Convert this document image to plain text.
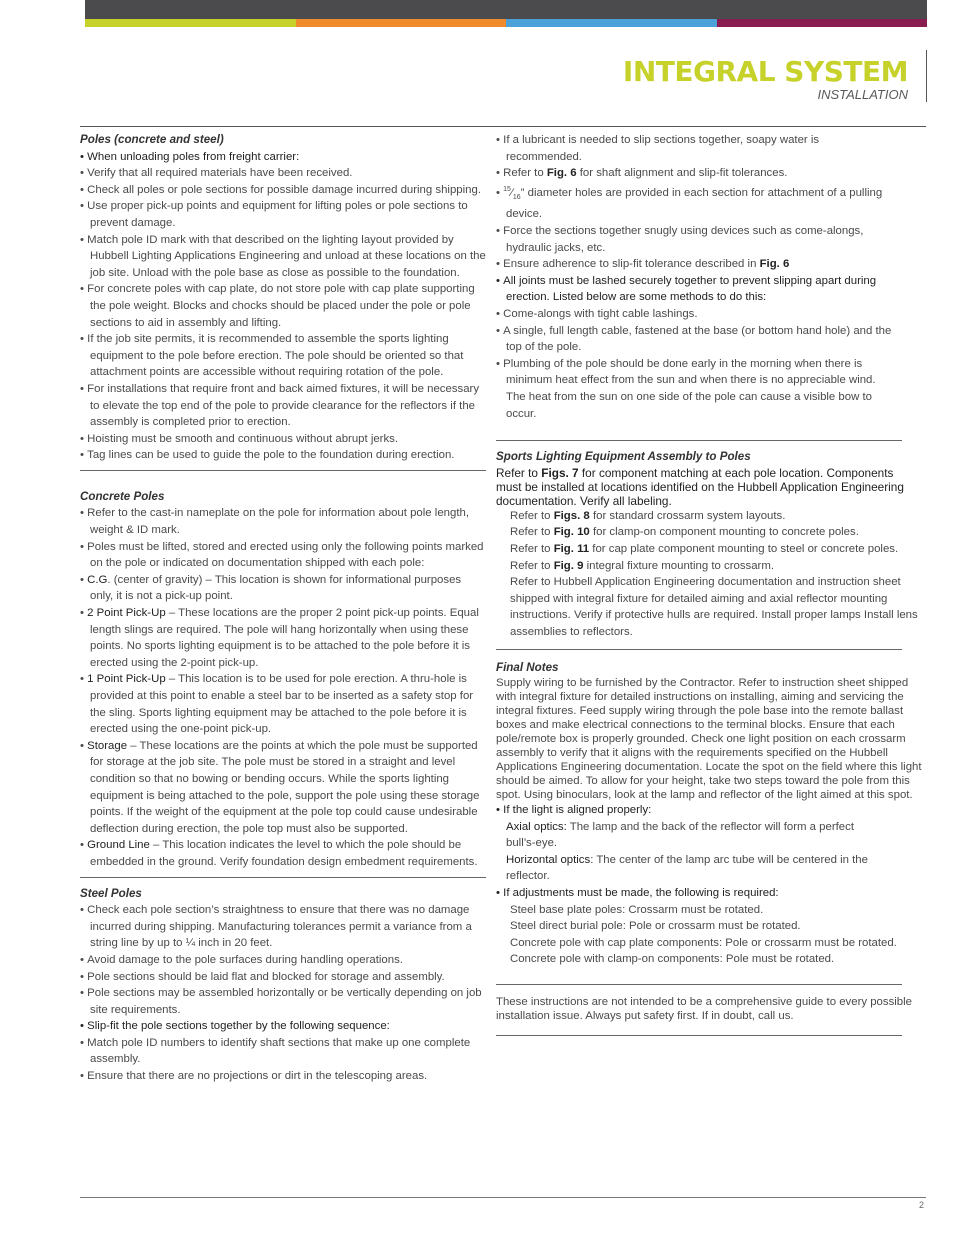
INTEGRAL SYSTEM
INSTALLATION
Poles (concrete and steel)
• When unloading poles from freight carrier:
• Verify that all required materials have been received.
• Check all poles or pole sections for possible damage incurred during shipping.
• Use proper pick-up points and equipment for lifting poles or pole sections to prevent damage.
• Match pole ID mark with that described on the lighting layout provided by Hubbell Lighting Applications Engineering and unload at these locations on the job site. Unload with the pole base as close as possible to the foundation.
• For concrete poles with cap plate, do not store pole with cap plate supporting the pole weight. Blocks and chocks should be placed under the pole or pole sections to aid in assembly and lifting.
• If the job site permits, it is recommended to assemble the sports lighting equipment to the pole before erection. The pole should be oriented so that attachment points are accessible without requiring rotation of the pole.
• For installations that require front and back aimed fixtures, it will be necessary to elevate the top end of the pole to provide clearance for the reflectors if the assembly is completed prior to erection.
• Hoisting must be smooth and continuous without abrupt jerks.
• Tag lines can be used to guide the pole to the foundation during erection.
Concrete Poles
• Refer to the cast-in nameplate on the pole for information about pole length, weight & ID mark.
• Poles must be lifted, stored and erected using only the following points marked on the pole or indicated on documentation shipped with each pole:
• C.G. (center of gravity) – This location is shown for informational purposes only, it is not a pick-up point.
• 2 Point Pick-Up – These locations are the proper 2 point pick-up points. Equal length slings are required. The pole will hang horizontally when using these points. No sports lighting equipment is to be attached to the pole before it is erected using the 2-point pick-up.
• 1 Point Pick-Up – This location is to be used for pole erection. A thru-hole is provided at this point to enable a steel bar to be inserted as a safety stop for the sling. Sports lighting equipment may be attached to the pole before it is erected using the one-point pick-up.
• Storage – These locations are the points at which the pole must be supported for storage at the job site. The pole must be stored in a straight and level condition so that no bowing or bending occurs. While the sports lighting equipment is being attached to the pole, support the pole using these storage points. If the weight of the equipment at the pole top could cause undesirable deflection during erection, the pole top must also be supported.
• Ground Line – This location indicates the level to which the pole should be embedded in the ground. Verify foundation design embedment requirements.
Steel Poles
• Check each pole section’s straightness to ensure that there was no damage incurred during shipping. Manufacturing tolerances permit a variance from a string line by up to ¼ inch in 20 feet.
• Avoid damage to the pole surfaces during handling operations.
• Pole sections should be laid flat and blocked for storage and assembly.
• Pole sections may be assembled horizontally or be vertically depending on job site requirements.
• Slip-fit the pole sections together by the following sequence:
• Match pole ID numbers to identify shaft sections that make up one complete assembly.
• Ensure that there are no projections or dirt in the telescoping areas.
• If a lubricant is needed to slip sections together, soapy water is recommended.
• Refer to Fig. 6 for shaft alignment and slip-fit tolerances.
• $^{15}⁄_{16}$” diameter holes are provided in each section for attachment of a pulling device.
• Force the sections together snugly using devices such as come-alongs, hydraulic jacks, etc.
• Ensure adherence to slip-fit tolerance described in Fig. 6
• All joints must be lashed securely together to prevent slipping apart during erection. Listed below are some methods to do this:
• Come-alongs with tight cable lashings.
• A single, full length cable, fastened at the base (or bottom hand hole) and the top of the pole.
• Plumbing of the pole should be done early in the morning when there is minimum heat effect from the sun and when there is no appreciable wind. The heat from the sun on one side of the pole can cause a visible bow to occur.
Sports Lighting Equipment Assembly to Poles

Refer to Figs. 7 for component matching at each pole location. Components must be installed at locations identified on the Hubbell Application Engineering documentation. Verify all labeling.

Refer to Figs. 8 for standard crossarm system layouts.
Refer to Fig. 10 for clamp-on component mounting to concrete poles.
Refer to Fig. 11 for cap plate component mounting to steel or concrete poles.
Refer to Fig. 9 integral fixture mounting to crossarm.
Refer to Hubbell Application Engineering documentation and instruction sheet shipped with integral fixture for detailed aiming and axial reflector mounting instructions. Verify if protective hulls are required. Install proper lamps Install lens assemblies to reflectors.
Final Notes

Supply wiring to be furnished by the Contractor. Refer to instruction sheet shipped with integral fixture for detailed instructions on installing, aiming and servicing the integral fixtures. Feed supply wiring through the pole base into the remote ballast boxes and make electrical connections to the terminal blocks. Ensure that each pole/remote box is properly grounded. Check one light position on each crossarm assembly to verify that it aligns with the requirements specified on the Hubbell Applications Engineering documentation. Locate the spot on the field where this light should be aimed. To allow for your height, take two steps toward the pole from this spot. Using binoculars, look at the lamp and reflector of the light aimed at this spot.

• If the light is aligned properly:
Axial optics: The lamp and the back of the reflector will form a perfect bull’s-eye.
Horizontal optics: The center of the lamp arc tube will be centered in the reflector.
• If adjustments must be made, the following is required:
Steel base plate poles: Crossarm must be rotated.
Steel direct burial pole: Pole or crossarm must be rotated.
Concrete pole with cap plate components: Pole or crossarm must be rotated.
Concrete pole with clamp-on components: Pole must be rotated.

These instructions are not intended to be a comprehensive guide to every possible installation issue. Always put safety first. If in doubt, call us.

2
